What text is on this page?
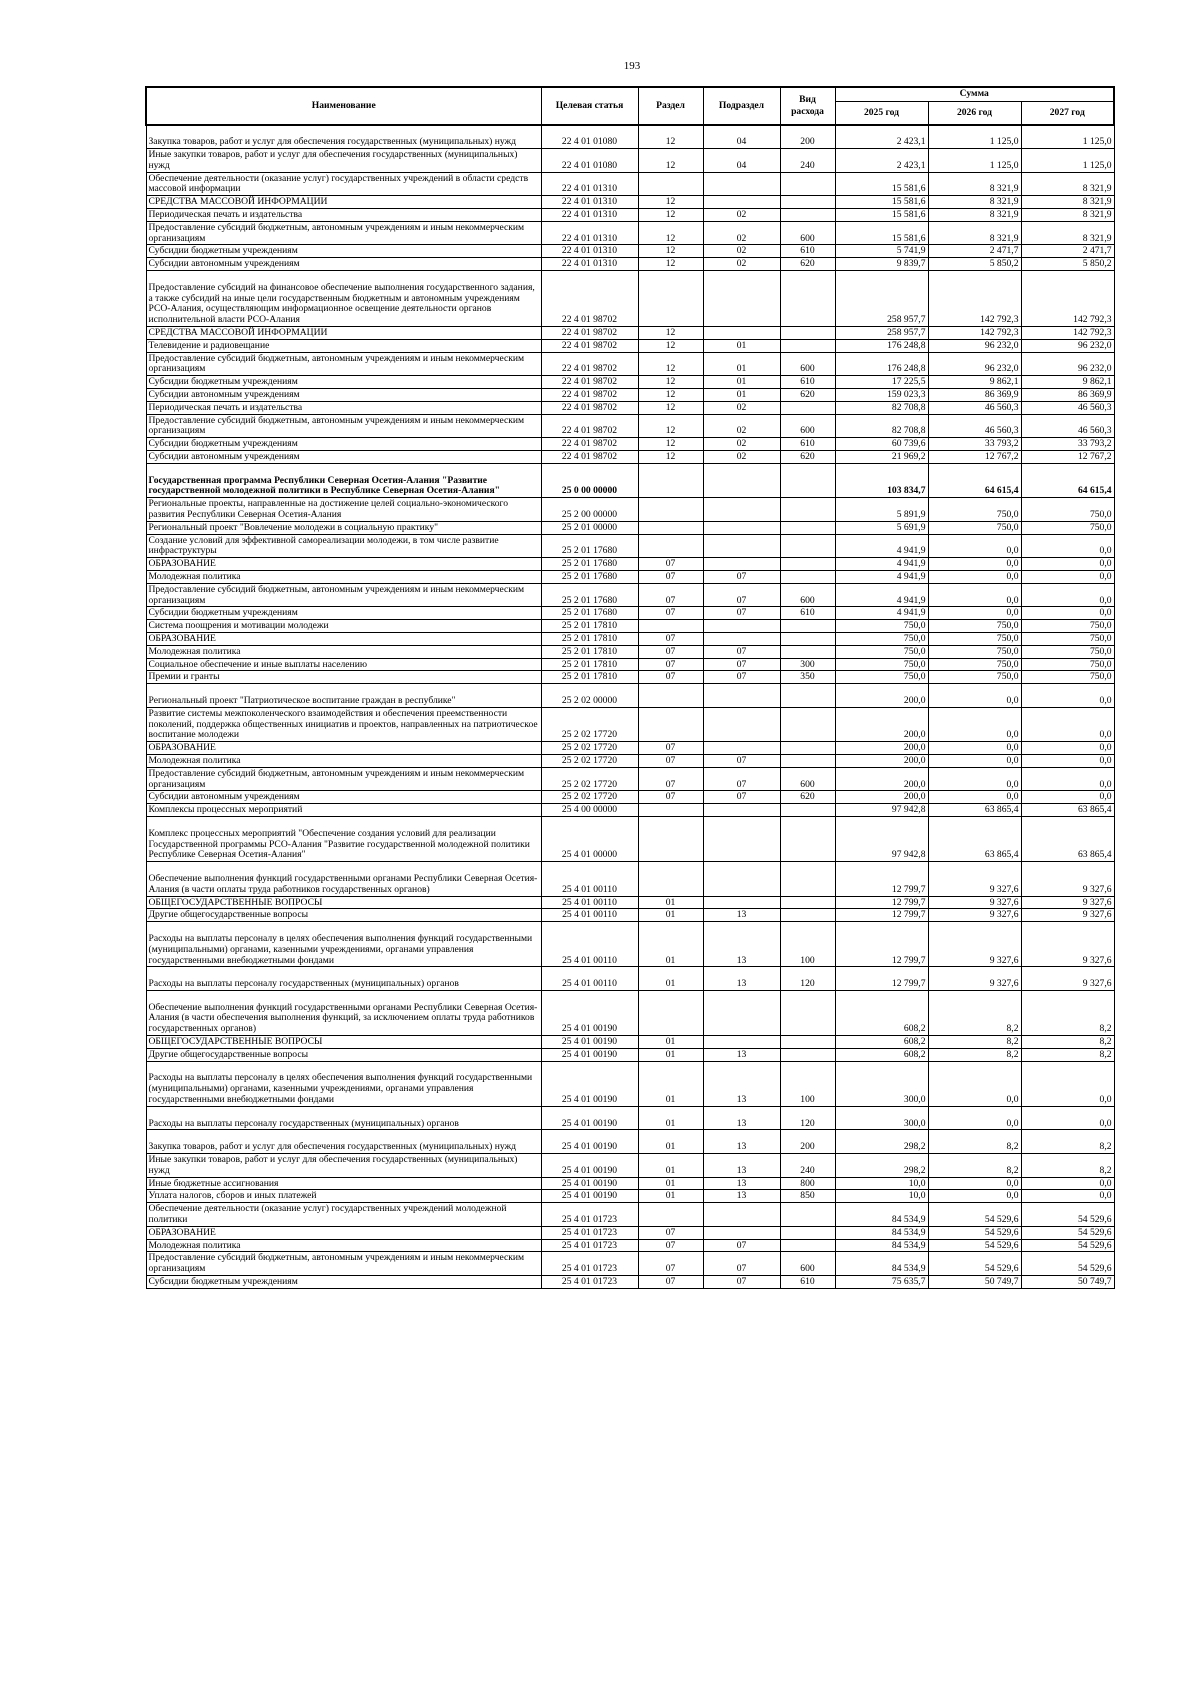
193
Наименование	Целевая статья	Раздел	Подраздел	Вид расхода	Сумма		
					2025 год	2026 год	2027 год
Закупка товаров, работ и услуг для обеспечения государственных (муниципальных) нужд	22 4 01 01080	12	04	200	2 423,1	1 125,0	1 125,0
Иные закупки товаров, работ и услуг для обеспечения государственных (муниципальных) нужд	22 4 01 01080	12	04	240	2 423,1	1 125,0	1 125,0
Обеспечение деятельности (оказание услуг) государственных учреждений в области средств массовой информации	22 4 01 01310				15 581,6	8 321,9	8 321,9
СРЕДСТВА МАССОВОЙ ИНФОРМАЦИИ	22 4 01 01310	12			15 581,6	8 321,9	8 321,9
Периодическая печать и издательства	22 4 01 01310	12	02		15 581,6	8 321,9	8 321,9
Предоставление субсидий бюджетным, автономным учреждениям и иным некоммерческим организациям	22 4 01 01310	12	02	600	15 581,6	8 321,9	8 321,9
Субсидии бюджетным учреждениям	22 4 01 01310	12	02	610	5 741,9	2 471,7	2 471,7
Субсидии автономным учреждениям	22 4 01 01310	12	02	620	9 839,7	5 850,2	5 850,2
Предоставление субсидий на финансовое обеспечение выполнения государственного задания, а также субсидий на иные цели государственным бюджетным и автономным учреждениям РСО-Алания, осуществляющим информационное освещение деятельности органов исполнительной власти РСО-Алания	22 4 01 98702				258 957,7	142 792,3	142 792,3
СРЕДСТВА МАССОВОЙ ИНФОРМАЦИИ	22 4 01 98702	12			258 957,7	142 792,3	142 792,3
Телевидение и радиовещание	22 4 01 98702	12	01		176 248,8	96 232,0	96 232,0
Предоставление субсидий бюджетным, автономным учреждениям и иным некоммерческим организациям	22 4 01 98702	12	01	600	176 248,8	96 232,0	96 232,0
Субсидии бюджетным учреждениям	22 4 01 98702	12	01	610	17 225,5	9 862,1	9 862,1
Субсидии автономным учреждениям	22 4 01 98702	12	01	620	159 023,3	86 369,9	86 369,9
Периодическая печать и издательства	22 4 01 98702	12	02		82 708,8	46 560,3	46 560,3
Предоставление субсидий бюджетным, автономным учреждениям и иным некоммерческим организациям	22 4 01 98702	12	02	600	82 708,8	46 560,3	46 560,3
Субсидии бюджетным учреждениям	22 4 01 98702	12	02	610	60 739,6	33 793,2	33 793,2
Субсидии автономным учреждениям	22 4 01 98702	12	02	620	21 969,2	12 767,2	12 767,2
Государственная программа Республики Северная Осетия-Алания "Развитие государственной молодежной политики в Республике Северная Осетия-Алания"	25 0 00 00000				103 834,7	64 615,4	64 615,4
Региональные проекты, направленные на достижение целей социально-экономического развития Республики Северная Осетия-Алания	25 2 00 00000				5 891,9	750,0	750,0
Региональный проект "Вовлечение молодежи в социальную практику"	25 2 01 00000				5 691,9	750,0	750,0
Создание условий для эффективной самореализации молодежи, в том числе развитие инфраструктуры	25 2 01 17680				4 941,9	0,0	0,0
ОБРАЗОВАНИЕ	25 2 01 17680	07			4 941,9	0,0	0,0
Молодежная политика	25 2 01 17680	07	07		4 941,9	0,0	0,0
Предоставление субсидий бюджетным, автономным учреждениям и иным некоммерческим организациям	25 2 01 17680	07	07	600	4 941,9	0,0	0,0
Субсидии бюджетным учреждениям	25 2 01 17680	07	07	610	4 941,9	0,0	0,0
Система поощрения и мотивации молодежи	25 2 01 17810				750,0	750,0	750,0
ОБРАЗОВАНИЕ	25 2 01 17810	07			750,0	750,0	750,0
Молодежная политика	25 2 01 17810	07	07		750,0	750,0	750,0
Социальное обеспечение и иные выплаты населению	25 2 01 17810	07	07	300	750,0	750,0	750,0
Премии и гранты	25 2 01 17810	07	07	350	750,0	750,0	750,0
Региональный проект "Патриотическое воспитание граждан в республике"	25 2 02 00000				200,0	0,0	0,0
Развитие системы межпоколенческого взаимодействия и обеспечения преемственности поколений, поддержка общественных инициатив и проектов, направленных на патриотическое воспитание молодежи	25 2 02 17720				200,0	0,0	0,0
ОБРАЗОВАНИЕ	25 2 02 17720	07			200,0	0,0	0,0
Молодежная политика	25 2 02 17720	07	07		200,0	0,0	0,0
Предоставление субсидий бюджетным, автономным учреждениям и иным некоммерческим организациям	25 2 02 17720	07	07	600	200,0	0,0	0,0
Субсидии автономным учреждениям	25 2 02 17720	07	07	620	200,0	0,0	0,0
Комплексы процессных мероприятий	25 4 00 00000				97 942,8	63 865,4	63 865,4
Комплекс процессных мероприятий "Обеспечение создания условий для реализации Государственной программы РСО-Алания "Развитие государственной молодежной политики Республике Северная Осетия-Алания"	25 4 01 00000				97 942,8	63 865,4	63 865,4
Обеспечение выполнения функций государственными органами Республики Северная Осетия-Алания (в части оплаты труда работников государственных органов)	25 4 01 00110				12 799,7	9 327,6	9 327,6
ОБЩЕГОСУДАРСТВЕННЫЕ ВОПРОСЫ	25 4 01 00110	01			12 799,7	9 327,6	9 327,6
Другие общегосударственные вопросы	25 4 01 00110	01	13		12 799,7	9 327,6	9 327,6
Расходы на выплаты персоналу в целях обеспечения выполнения функций государственными (муниципальными) органами, казенными учреждениями, органами управления государственными внебюджетными фондами	25 4 01 00110	01	13	100	12 799,7	9 327,6	9 327,6
Расходы на выплаты персоналу государственных (муниципальных) органов	25 4 01 00110	01	13	120	12 799,7	9 327,6	9 327,6
Обеспечение выполнения функций государственными органами Республики Северная Осетия-Алания (в части обеспечения выполнения функций, за исключением оплаты труда работников государственных органов)	25 4 01 00190				608,2	8,2	8,2
ОБЩЕГОСУДАРСТВЕННЫЕ ВОПРОСЫ	25 4 01 00190	01			608,2	8,2	8,2
Другие общегосударственные вопросы	25 4 01 00190	01	13		608,2	8,2	8,2
Расходы на выплаты персоналу в целях обеспечения выполнения функций государственными (муниципальными) органами, казенными учреждениями, органами управления государственными внебюджетными фондами	25 4 01 00190	01	13	100	300,0	0,0	0,0
Расходы на выплаты персоналу государственных (муниципальных) органов	25 4 01 00190	01	13	120	300,0	0,0	0,0
Закупка товаров, работ и услуг для обеспечения государственных (муниципальных) нужд	25 4 01 00190	01	13	200	298,2	8,2	8,2
Иные закупки товаров, работ и услуг для обеспечения государственных (муниципальных) нужд	25 4 01 00190	01	13	240	298,2	8,2	8,2
Иные бюджетные ассигнования	25 4 01 00190	01	13	800	10,0	0,0	0,0
Уплата налогов, сборов и иных платежей	25 4 01 00190	01	13	850	10,0	0,0	0,0
Обеспечение деятельности (оказание услуг) государственных учреждений молодежной политики	25 4 01 01723				84 534,9	54 529,6	54 529,6
ОБРАЗОВАНИЕ	25 4 01 01723	07			84 534,9	54 529,6	54 529,6
Молодежная политика	25 4 01 01723	07	07		84 534,9	54 529,6	54 529,6
Предоставление субсидий бюджетным, автономным учреждениям и иным некоммерческим организациям	25 4 01 01723	07	07	600	84 534,9	54 529,6	54 529,6
Субсидии бюджетным учреждениям	25 4 01 01723	07	07	610	75 635,7	50 749,7	50 749,7
